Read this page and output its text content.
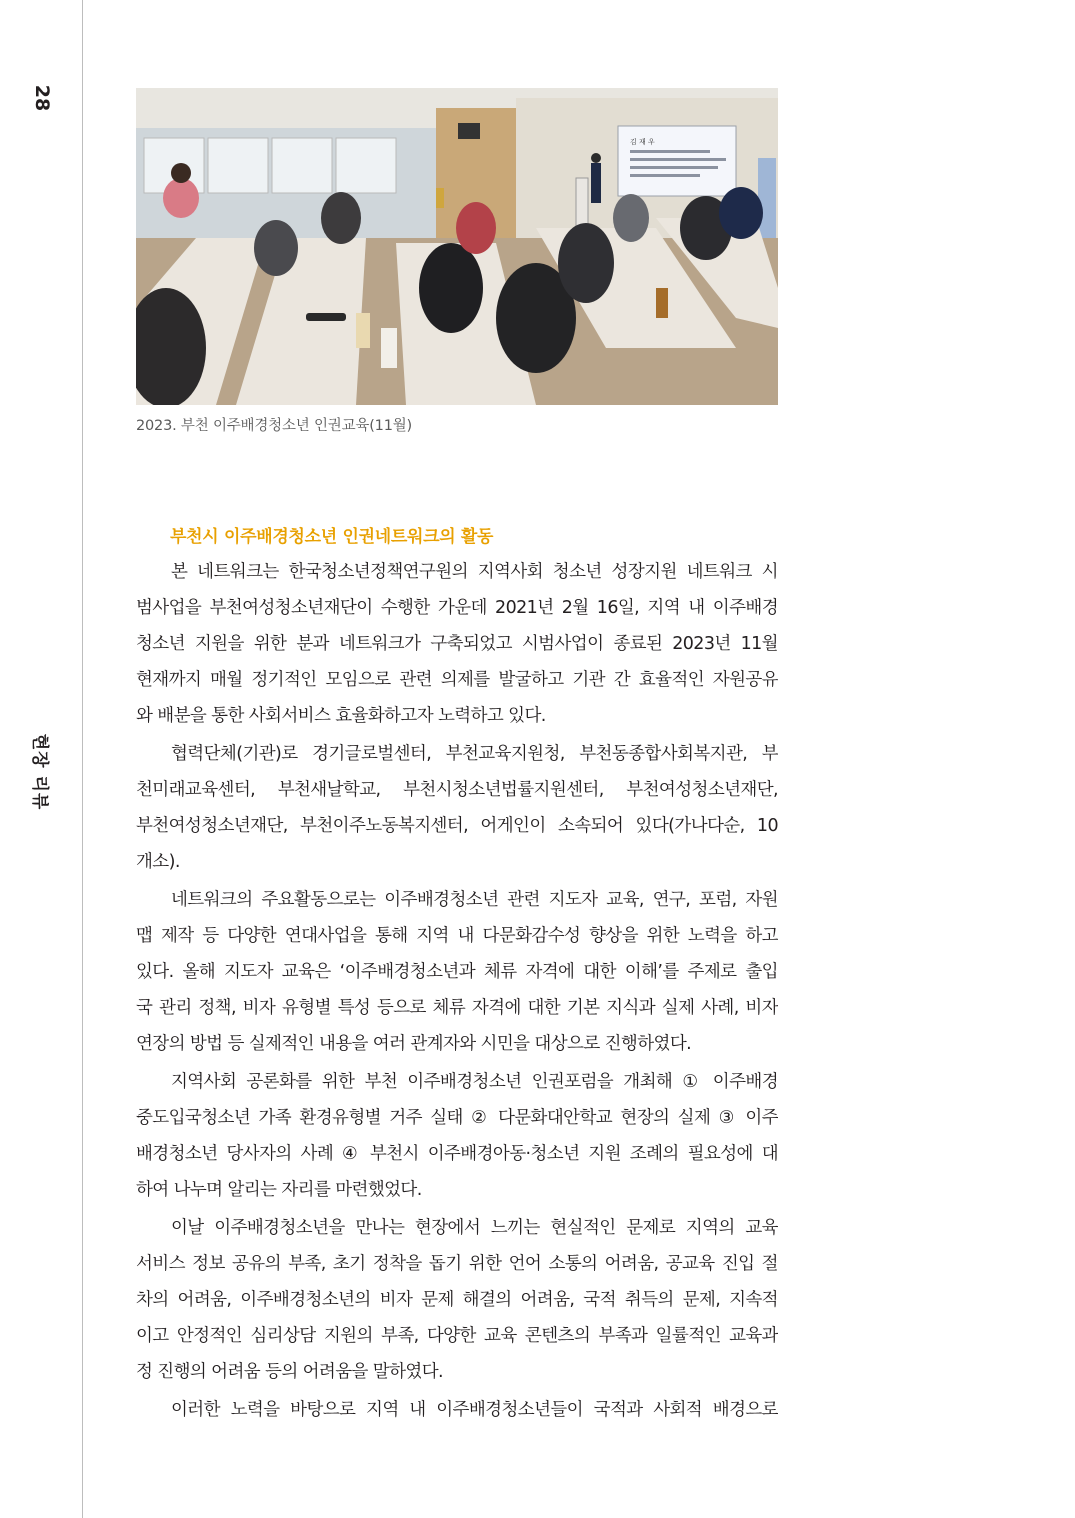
28
현장 리뷰
김 재 우
2023. 부천 이주배경청소년 인권교육(11월)
부천시 이주배경청소년 인권네트워크의 활동
본 네트워크는 한국청소년정책연구원의 지역사회 청소년 성장지원 네트워크 시
범사업을 부천여성청소년재단이 수행한 가운데 2021년 2월 16일, 지역 내 이주배경
청소년 지원을 위한 분과 네트워크가 구축되었고 시범사업이 종료된 2023년 11월
현재까지 매월 정기적인 모임으로 관련 의제를 발굴하고 기관 간 효율적인 자원공유
와 배분을 통한 사회서비스 효율화하고자 노력하고 있다.
협력단체(기관)로 경기글로벌센터, 부천교육지원청, 부천동종합사회복지관, 부
천미래교육센터, 부천새날학교, 부천시청소년법률지원센터, 부천여성청소년재단,
부천여성청소년재단, 부천이주노동복지센터, 어게인이 소속되어 있다(가나다순, 10
개소).
네트워크의 주요활동으로는 이주배경청소년 관련 지도자 교육, 연구, 포럼, 자원
맵 제작 등 다양한 연대사업을 통해 지역 내 다문화감수성 향상을 위한 노력을 하고
있다. 올해 지도자 교육은 ‘이주배경청소년과 체류 자격에 대한 이해’를 주제로 출입
국 관리 정책, 비자 유형별 특성 등으로 체류 자격에 대한 기본 지식과 실제 사례, 비자
연장의 방법 등 실제적인 내용을 여러 관계자와 시민을 대상으로 진행하였다.
지역사회 공론화를 위한 부천 이주배경청소년 인권포럼을 개최해 ① 이주배경
중도입국청소년 가족 환경유형별 거주 실태 ② 다문화대안학교 현장의 실제 ③ 이주
배경청소년 당사자의 사례 ④ 부천시 이주배경아동·청소년 지원 조례의 필요성에 대
하여 나누며 알리는 자리를 마련했었다.
이날 이주배경청소년을 만나는 현장에서 느끼는 현실적인 문제로 지역의 교육
서비스 정보 공유의 부족, 초기 정착을 돕기 위한 언어 소통의 어려움, 공교육 진입 절
차의 어려움, 이주배경청소년의 비자 문제 해결의 어려움, 국적 취득의 문제, 지속적
이고 안정적인 심리상담 지원의 부족, 다양한 교육 콘텐츠의 부족과 일률적인 교육과
정 진행의 어려움 등의 어려움을 말하였다.
이러한 노력을 바탕으로 지역 내 이주배경청소년들이 국적과 사회적 배경으로
